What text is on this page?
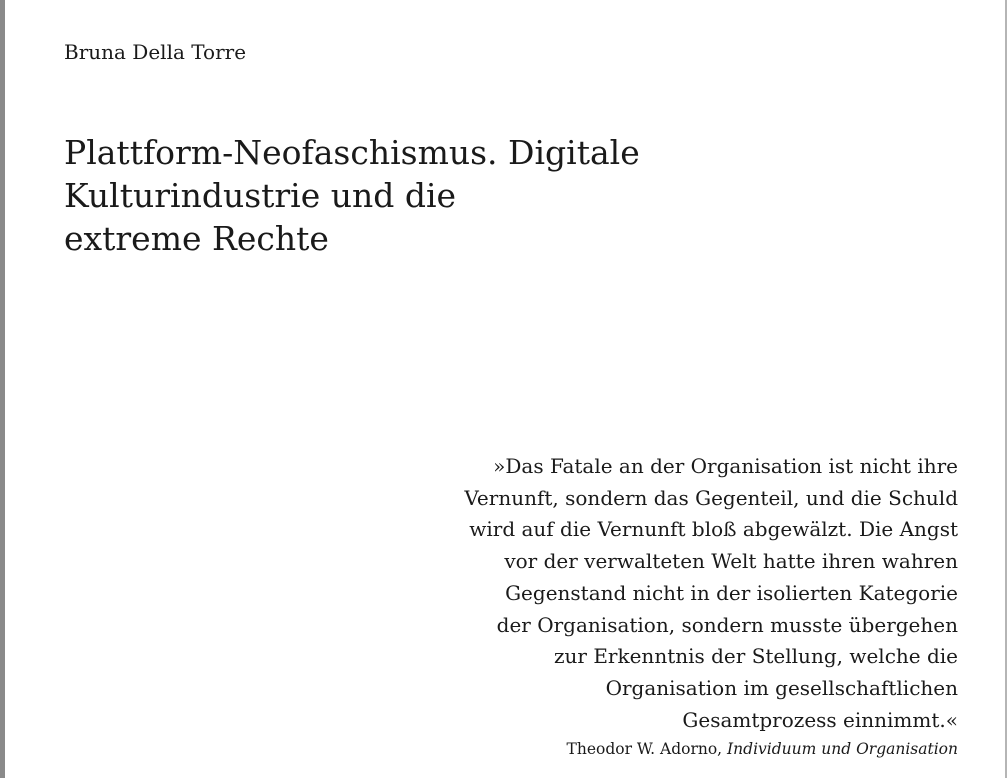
Bruna Della Torre
Plattform-Neofaschismus. Digitale
Kulturindustrie und die
extreme Rechte
»Das Fatale an der Organisation ist nicht ihre
Vernunft, sondern das Gegenteil, und die Schuld
wird auf die Vernunft bloß abgewälzt. Die Angst
vor der verwalteten Welt hatte ihren wahren
Gegenstand nicht in der isolierten Kategorie
der Organisation, sondern musste übergehen
zur Erkenntnis der Stellung, welche die
Organisation im gesellschaftlichen
Gesamtprozess einnimmt.«
Theodor W. Adorno, Individuum und Organisation
